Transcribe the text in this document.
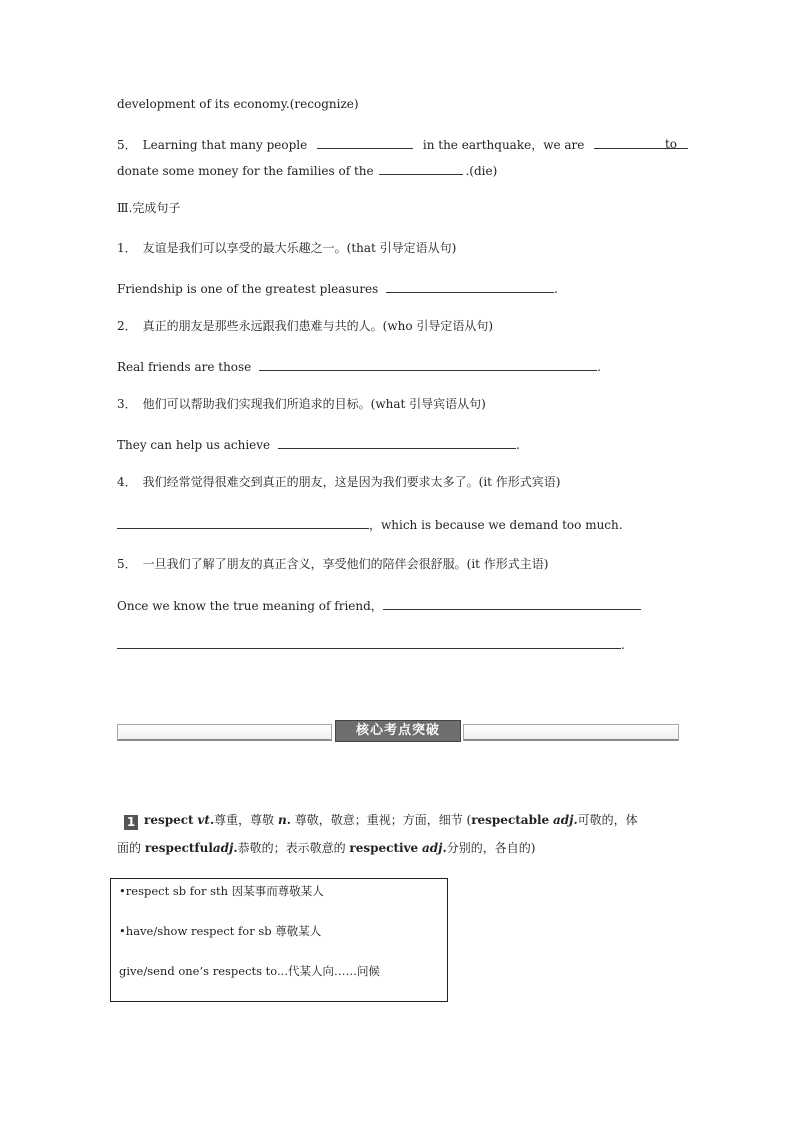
development of its economy.(recognize)
5． Learning that many people	in the earthquake，we are	to
donate some money for the families of the	.(die)
Ⅲ.完成句子
1． 友谊是我们可以享受的最大乐趣之一。(that 引导定语从句)
Friendship is one of the greatest pleasures	.
2． 真正的朋友是那些永远跟我们患难与共的人。(who 引导定语从句)
Real friends are those	.
3． 他们可以帮助我们实现我们所追求的目标。(what 引导宾语从句)
They can help us achieve	.
4． 我们经常觉得很难交到真正的朋友，这是因为我们要求太多了。(it 作形式宾语)
，which is because we demand too much.
5． 一旦我们了解了朋友的真正含义，享受他们的陪伴会很舒服。(it 作形式主语)
Once we know the true meaning of friend，
.
核心考点突破
1 respect vt.尊重，尊敬 n. 尊敬，敬意；重视；方面，细节 (respectable adj.可敬的，体
面的 respectfuladj.恭敬的；表示敬意的 respective adj.分别的，各自的)
•respect sb for sth 因某事而尊敬某人
•have/show respect for sb 尊敬某人
give/send one’s respects to...代某人向……问候
